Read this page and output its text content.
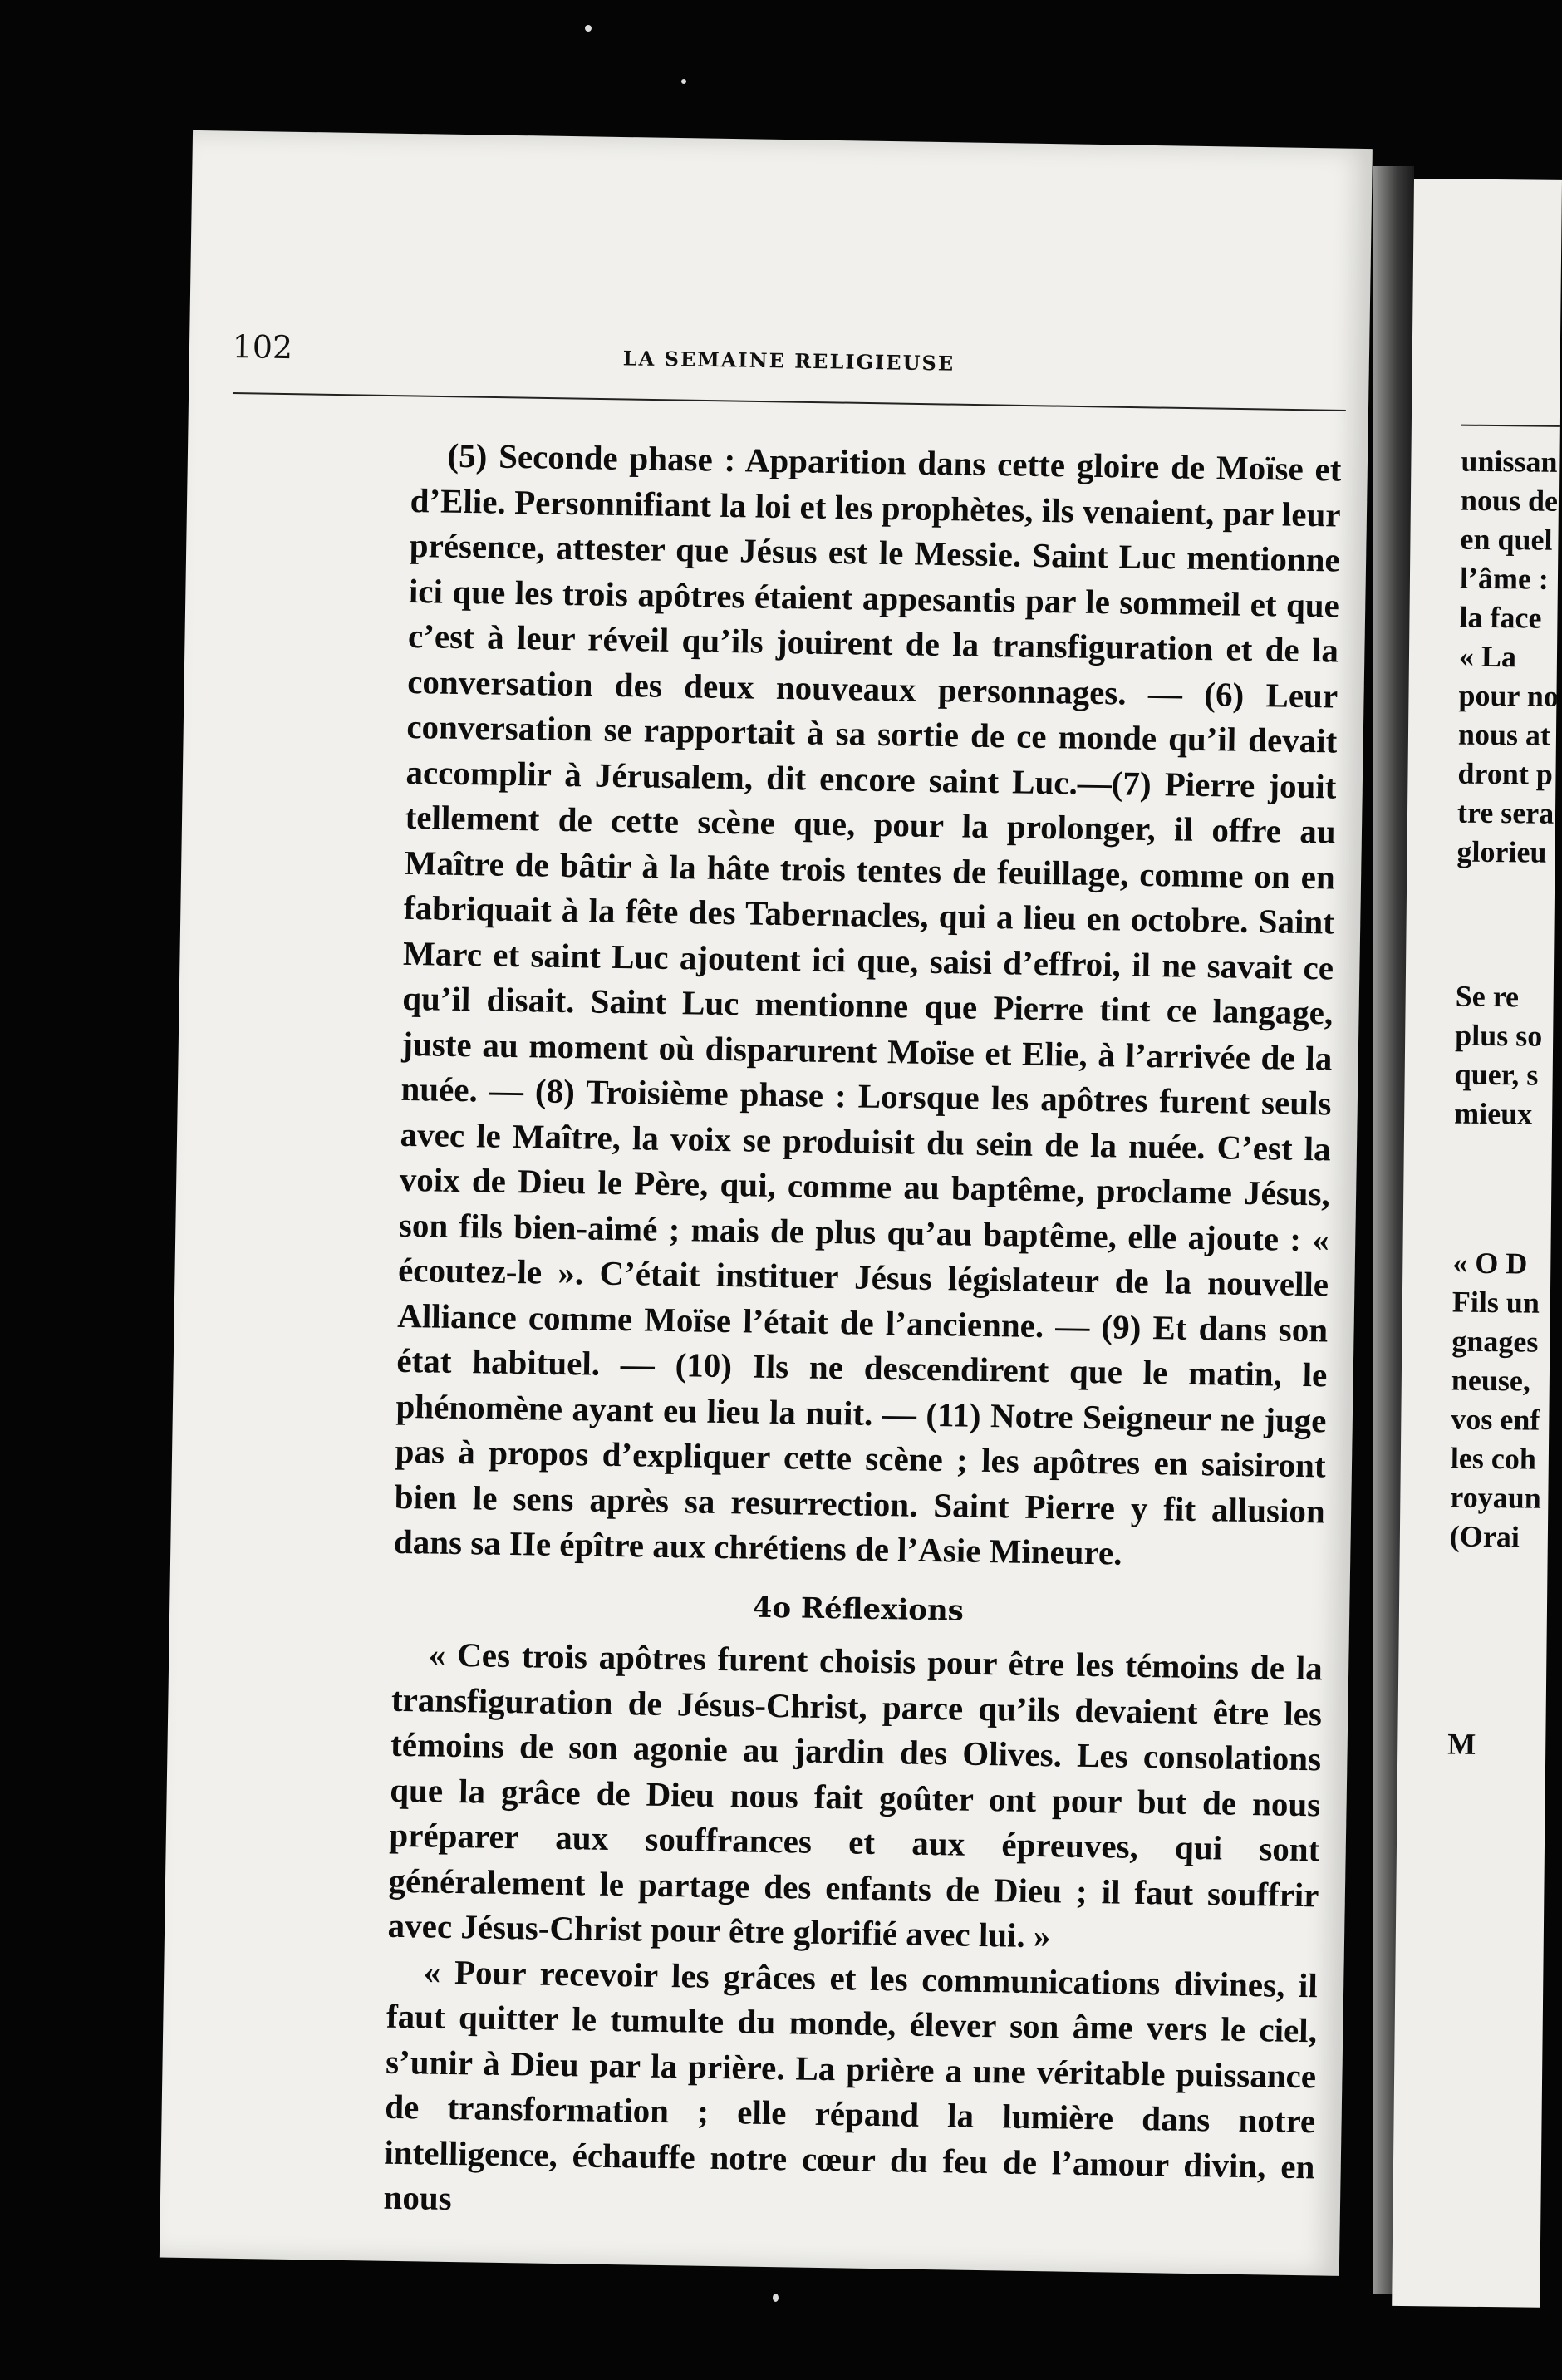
unissan
nous de
en quel
l’âme :
la face
« La
pour no
nous at
dront p
tre sera
glorieu
Se re
plus so
quer, s
mieux
« O D
Fils un
gnages
neuse,
vos enf
les coh
royaun
(Orai
M
102	LA SEMAINE RELIGIEUSE

(5) Seconde phase : Apparition dans cette gloire de Moïse et d’Elie. Personnifiant la loi et les prophètes, ils venaient, par leur présence, attester que Jésus est le Messie. Saint Luc mentionne ici que les trois apôtres étaient appesantis par le sommeil et que c’est à leur réveil qu’ils jouirent de la transfiguration et de la conversation des deux nouveaux personnages. — (6) Leur conversation se rapportait à sa sortie de ce monde qu’il devait accomplir à Jérusalem, dit encore saint Luc.—(7) Pierre jouit tellement de cette scène que, pour la prolonger, il offre au Maître de bâtir à la hâte trois tentes de feuillage, comme on en fabriquait à la fête des Tabernacles, qui a lieu en octobre. Saint Marc et saint Luc ajoutent ici que, saisi d’effroi, il ne savait ce qu’il disait. Saint Luc mentionne que Pierre tint ce langage, juste au moment où disparurent Moïse et Elie, à l’arrivée de la nuée. — (8) Troisième phase : Lorsque les apôtres furent seuls avec le Maître, la voix se produisit du sein de la nuée. C’est la voix de Dieu le Père, qui, comme au baptême, proclame Jésus, son fils bien-aimé ; mais de plus qu’au baptême, elle ajoute : « écoutez-le ». C’était instituer Jésus législateur de la nouvelle Alliance comme Moïse l’était de l’ancienne. — (9) Et dans son état habituel. — (10) Ils ne descendirent que le matin, le phénomène ayant eu lieu la nuit. — (11) Notre Seigneur ne juge pas à propos d’expliquer cette scène ; les apôtres en saisiront bien le sens après sa resurrection. Saint Pierre y fit allusion dans sa IIe épître aux chrétiens de l’Asie Mineure.

4o Réflexions

« Ces trois apôtres furent choisis pour être les témoins de la transfiguration de Jésus-Christ, parce qu’ils devaient être les témoins de son agonie au jardin des Olives. Les consolations que la grâce de Dieu nous fait goûter ont pour but de nous préparer aux souffrances et aux épreuves, qui sont généralement le partage des enfants de Dieu ; il faut souffrir avec Jésus-Christ pour être glorifié avec lui. »

« Pour recevoir les grâces et les communications divines, il faut quitter le tumulte du monde, élever son âme vers le ciel, s’unir à Dieu par la prière. La prière a une véritable puissance de transformation ; elle répand la lumière dans notre intelligence, échauffe notre cœur du feu de l’amour divin, en nous
